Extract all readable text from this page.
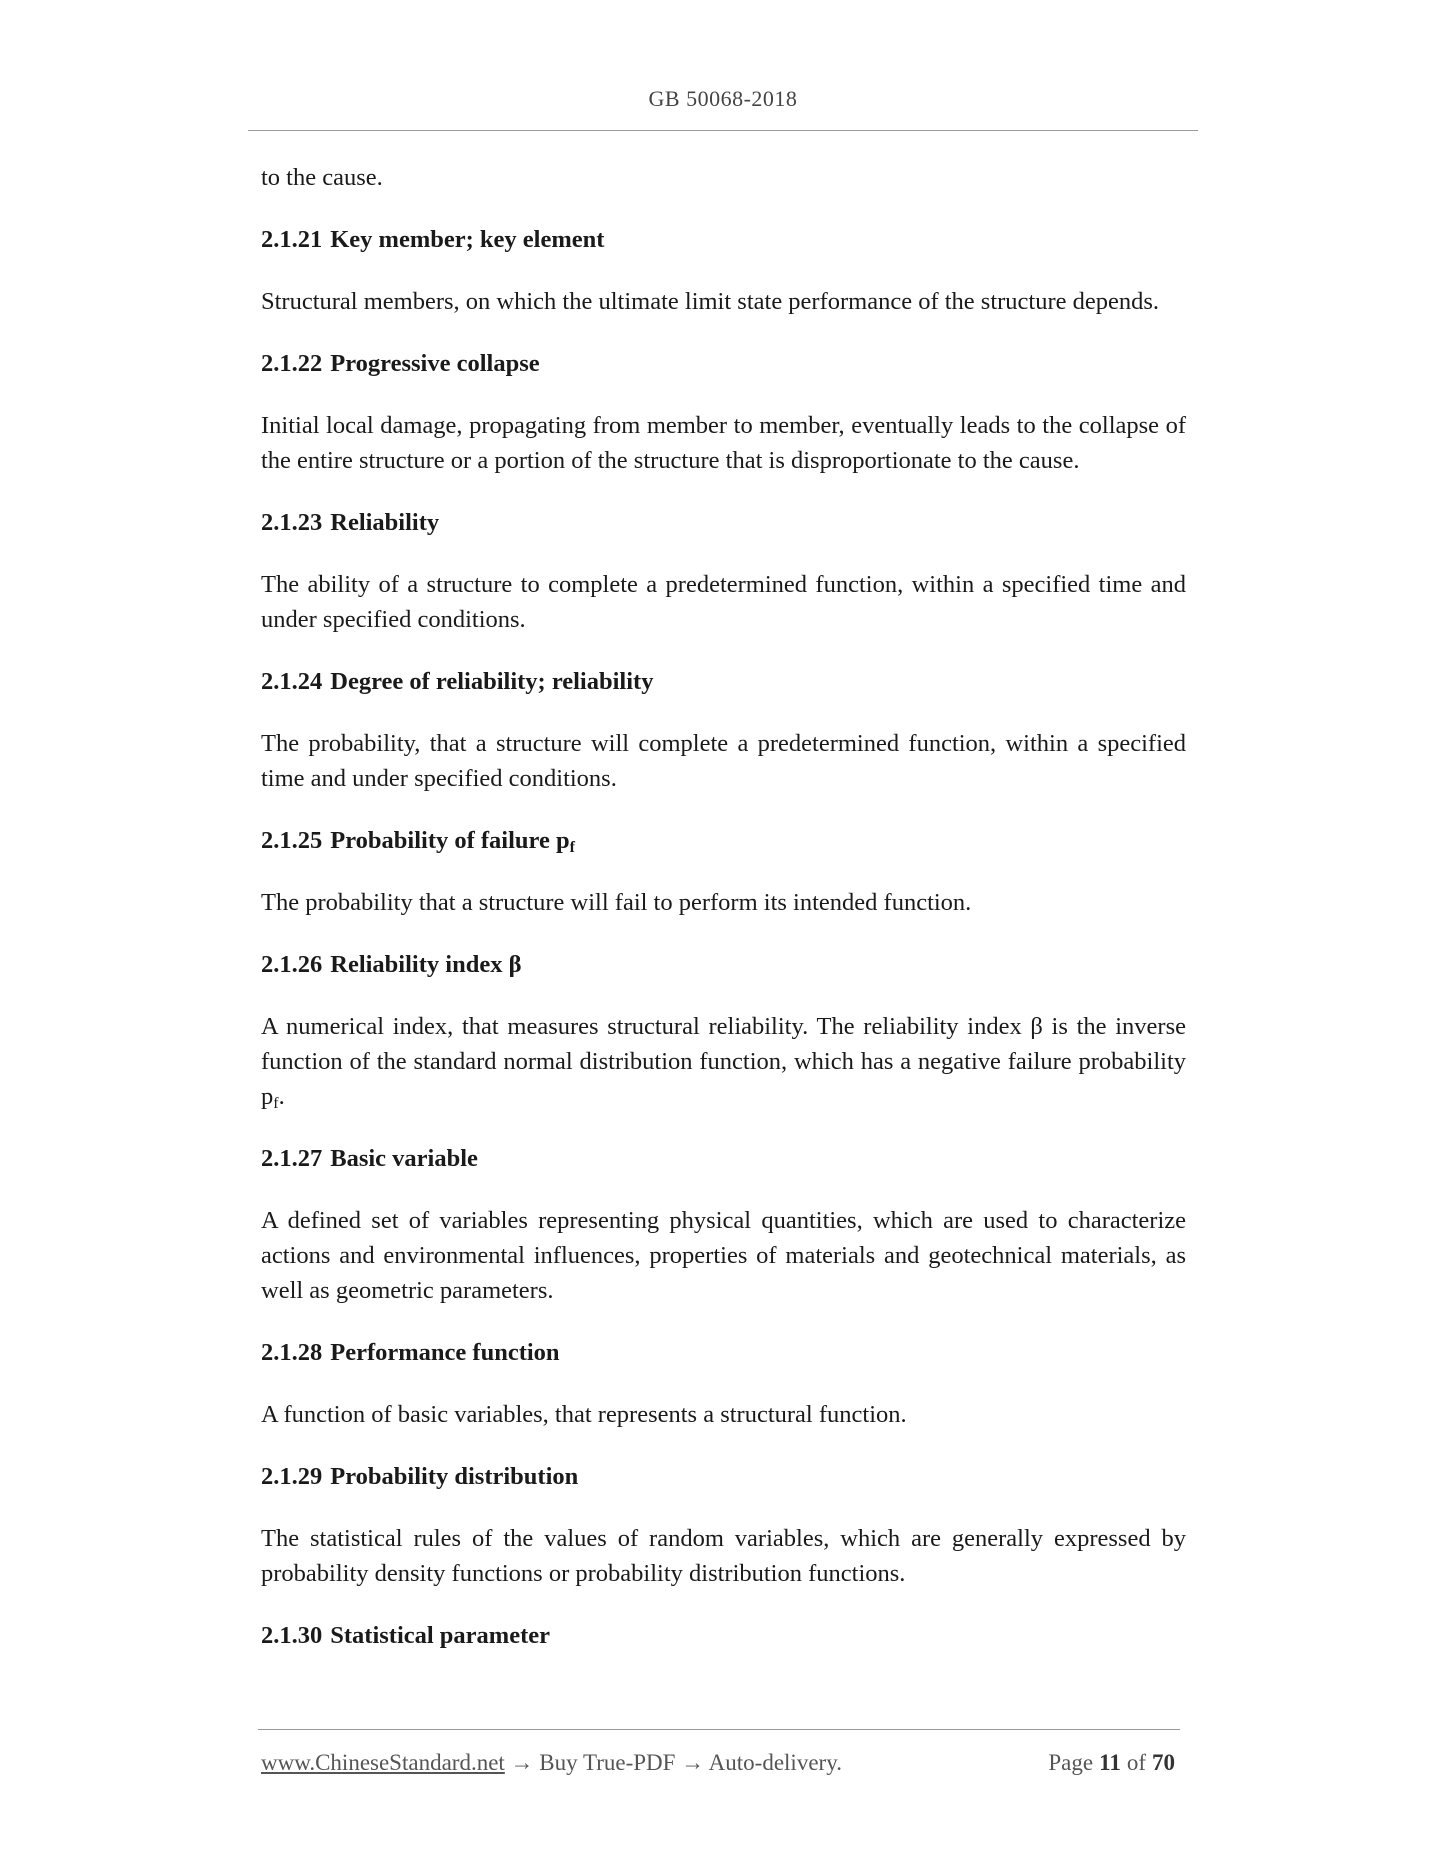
GB 50068-2018

to the cause.

2.1.21 Key member; key element

Structural members, on which the ultimate limit state performance of the structure depends.

2.1.22 Progressive collapse

Initial local damage, propagating from member to member, eventually leads to the collapse of the entire structure or a portion of the structure that is disproportionate to the cause.

2.1.23 Reliability

The ability of a structure to complete a predetermined function, within a specified time and under specified conditions.

2.1.24 Degree of reliability; reliability

The probability, that a structure will complete a predetermined function, within a specified time and under specified conditions.

2.1.25 Probability of failure $p_f$

The probability that a structure will fail to perform its intended function.

2.1.26 Reliability index β

A numerical index, that measures structural reliability. The reliability index β is the inverse function of the standard normal distribution function, which has a negative failure probability $p_f$.

2.1.27 Basic variable

A defined set of variables representing physical quantities, which are used to characterize actions and environmental influences, properties of materials and geotechnical materials, as well as geometric parameters.

2.1.28 Performance function

A function of basic variables, that represents a structural function.

2.1.29 Probability distribution

The statistical rules of the values of random variables, which are generally expressed by probability density functions or probability distribution functions.

2.1.30 Statistical parameter
www.ChineseStandard.net → Buy True-PDF → Auto-delivery.	Page 11 of 70
